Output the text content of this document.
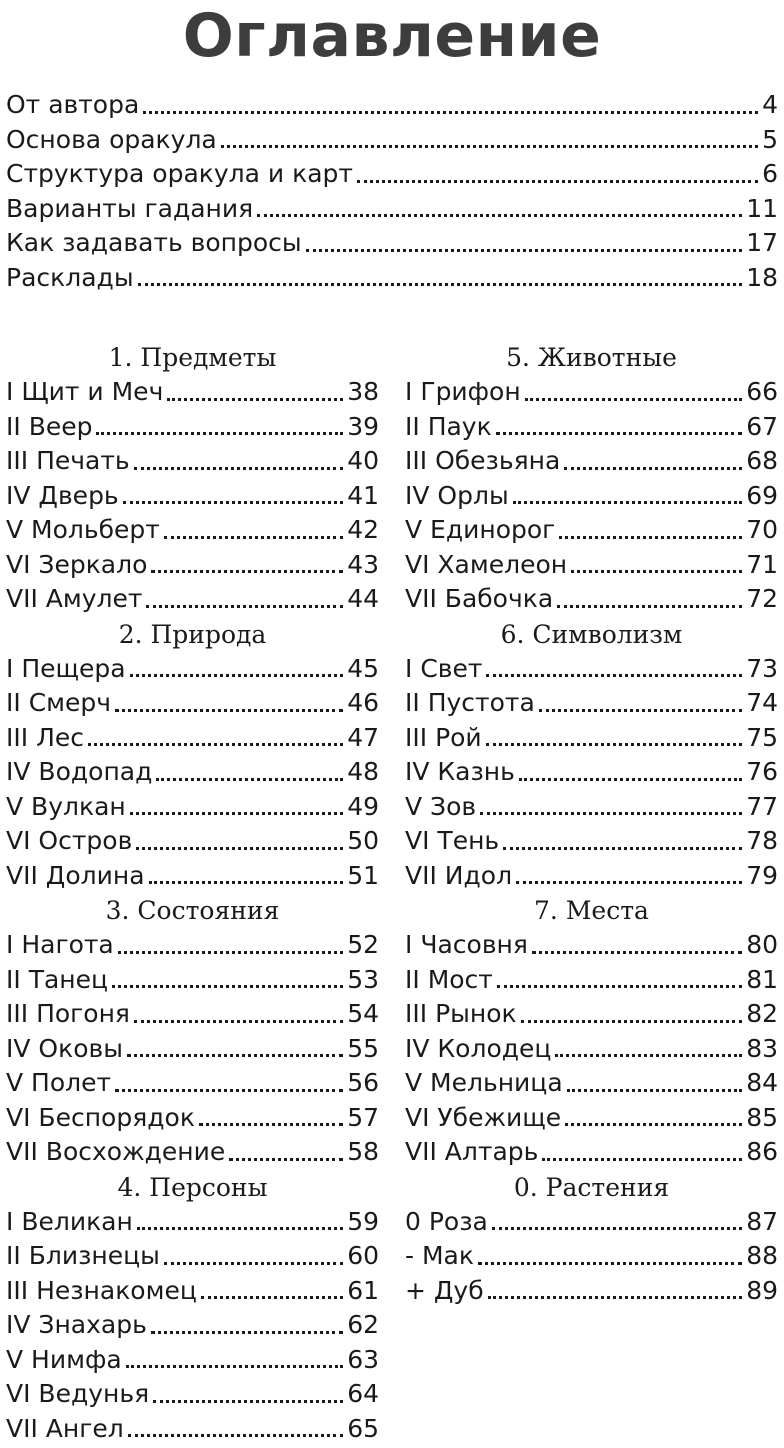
Оглавление
От автора	4
Основа оракула	5
Структура оракула и карт	6
Варианты гадания	11
Как задавать вопросы	17
Расклады	18
1. Предметы
I Щит и Меч	38
II Веер	39
III Печать	40
IV Дверь	41
V Мольберт	42
VI Зеркало	43
VII Амулет	44
2. Природа
I Пещера	45
II Смерч	46
III Лес	47
IV Водопад	48
V Вулкан	49
VI Остров	50
VII Долина	51
3. Состояния
I Нагота	52
II Танец	53
III Погоня	54
IV Оковы	55
V Полет	56
VI Беспорядок	57
VII Восхождение	58
4. Персоны
I Великан	59
II Близнецы	60
III Незнакомец	61
IV Знахарь	62
V Нимфа	63
VI Ведунья	64
VII Ангел	65
5. Животные
I Грифон	66
II Паук	67
III Обезьяна	68
IV Орлы	69
V Единорог	70
VI Хамелеон	71
VII Бабочка	72
6. Символизм
I Свет	73
II Пустота	74
III Рой	75
IV Казнь	76
V Зов	77
VI Тень	78
VII Идол	79
7. Места
I Часовня	80
II Мост	81
III Рынок	82
IV Колодец	83
V Мельница	84
VI Убежище	85
VII Алтарь	86
0. Растения
0 Роза	87
- Мак	88
+ Дуб	89
